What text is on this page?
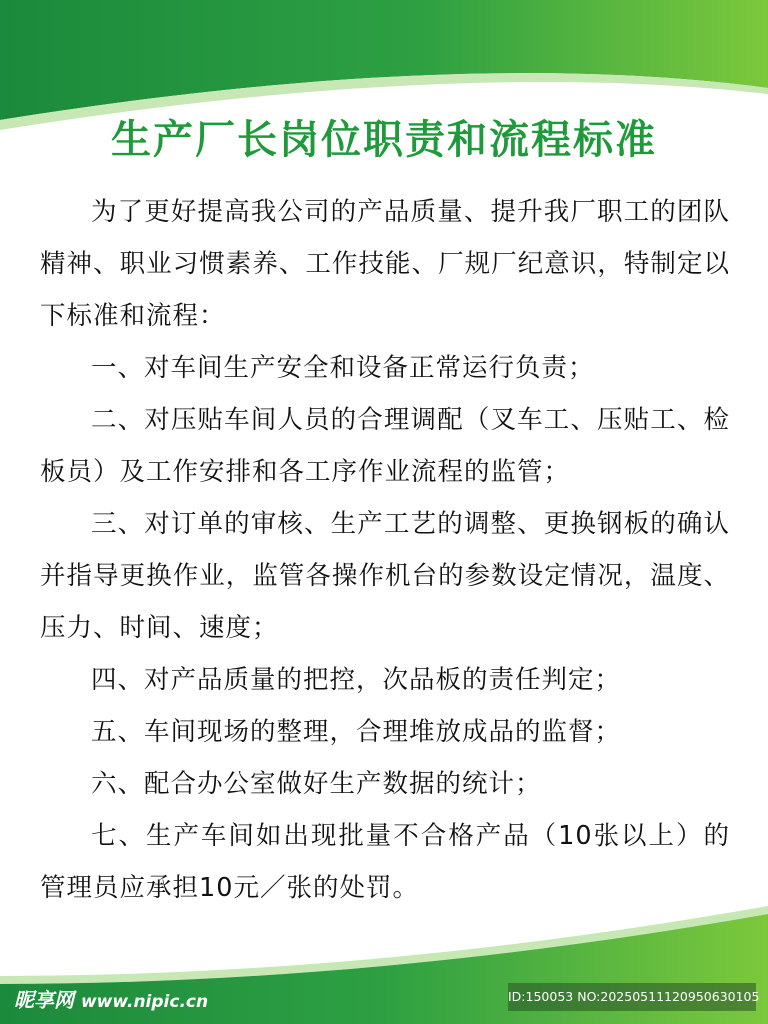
生产厂长岗位职责和流程标准

为了更好提高我公司的产品质量、提升我厂职工的团队精神、职业习惯素养、工作技能、厂规厂纪意识，特制定以下标准和流程：

一、对车间生产安全和设备正常运行负责；

二、对压贴车间人员的合理调配（叉车工、压贴工、检板员）及工作安排和各工序作业流程的监管；

三、对订单的审核、生产工艺的调整、更换钢板的确认并指导更换作业，监管各操作机台的参数设定情况，温度、压力、时间、速度；

四、对产品质量的把控，次品板的责任判定；

五、车间现场的整理，合理堆放成品的监督；

六、配合办公室做好生产数据的统计；

七、生产车间如出现批量不合格产品（10张以上）的管理员应承担10元／张的处罚。

昵享网 www.nipic.cn	ID:150053 NO:20250511120950630105
